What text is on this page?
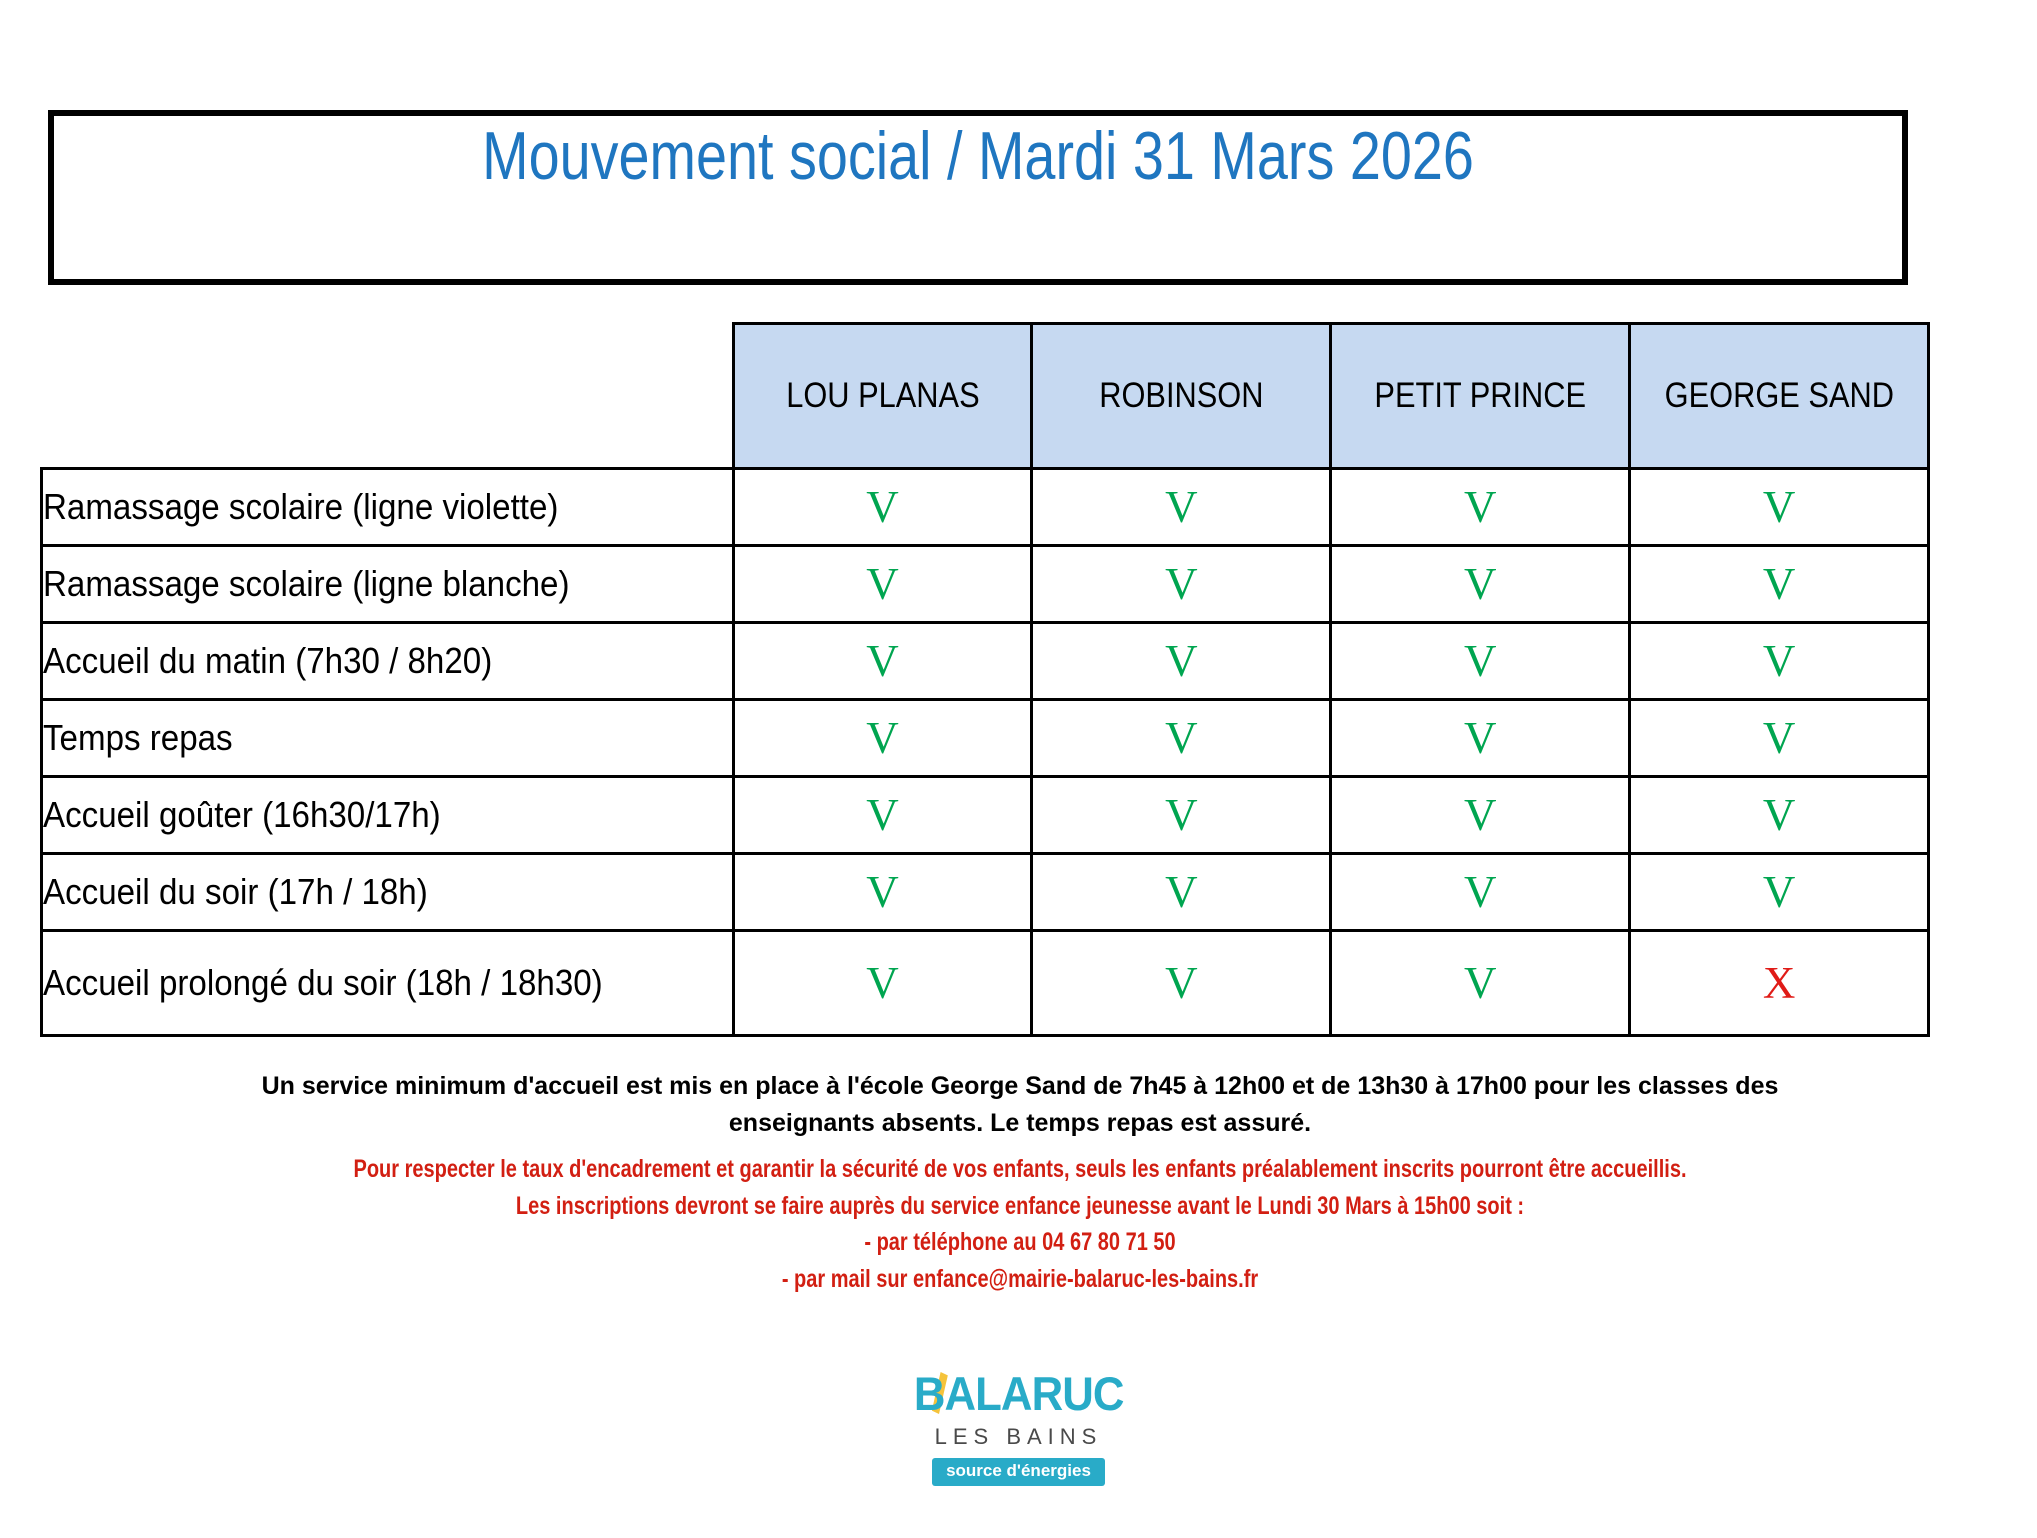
Mouvement social / Mardi 31 Mars 2026
	LOU PLANAS	ROBINSON	PETIT PRINCE	GEORGE SAND
Ramassage scolaire (ligne violette)	V	V	V	V
Ramassage scolaire (ligne blanche)	V	V	V	V
Accueil du matin (7h30 / 8h20)	V	V	V	V
Temps repas	V	V	V	V
Accueil goûter (16h30/17h)	V	V	V	V
Accueil du soir (17h / 18h)	V	V	V	V
Accueil prolongé du soir (18h / 18h30)	V	V	V	X
Un service minimum d'accueil est mis en place à l'école George Sand de 7h45 à 12h00 et de 13h30 à 17h00 pour les classes des enseignants absents. Le temps repas est assuré.
Pour respecter le taux d'encadrement et garantir la sécurité de vos enfants, seuls les enfants préalablement inscrits pourront être accueillis.
Les inscriptions devront se faire auprès du service enfance jeunesse avant le Lundi 30 Mars à 15h00 soit :
- par téléphone au 04 67 80 71 50
- par mail sur enfance@mairie-balaruc-les-bains.fr
BALARUC
LES BAINS
source d'énergies
